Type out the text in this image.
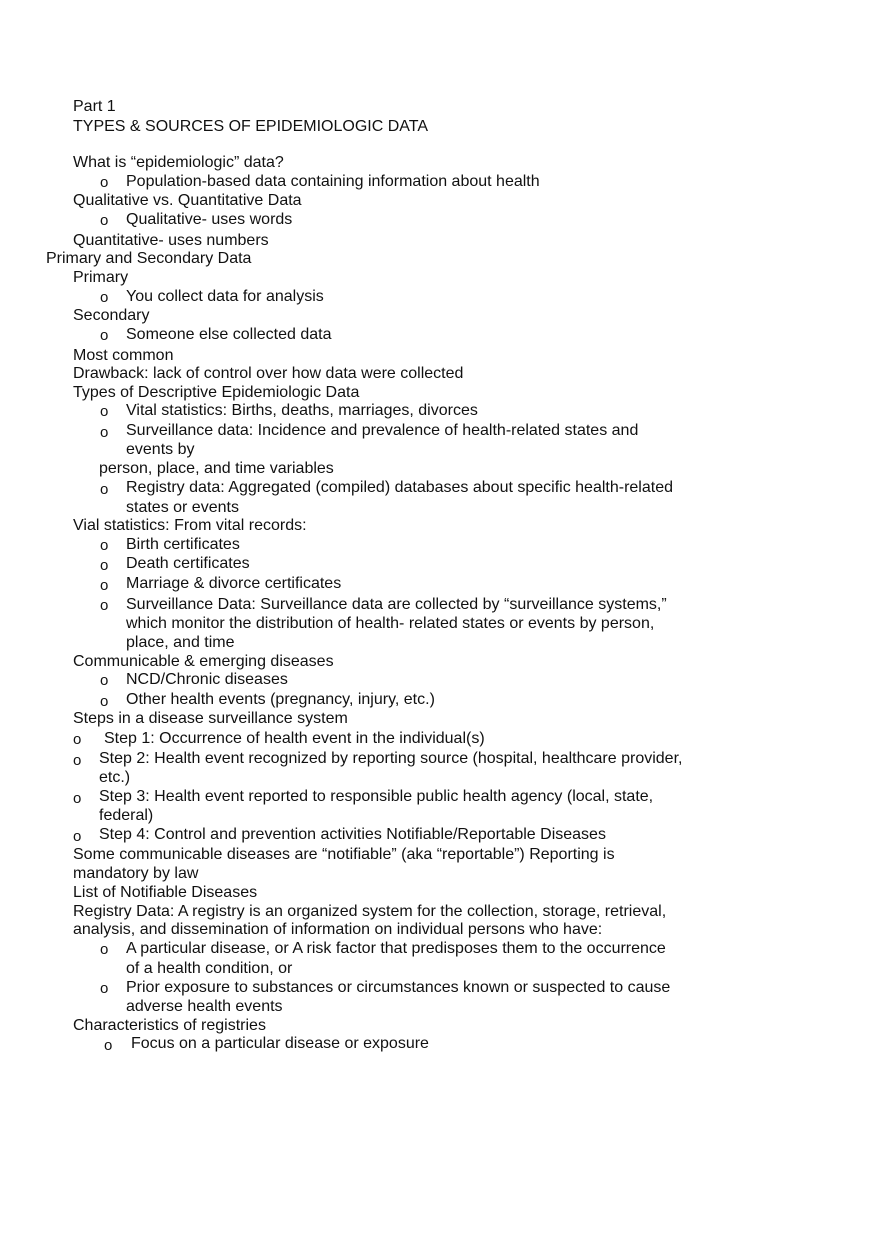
Part 1

TYPES & SOURCES OF EPIDEMIOLOGIC DATA

What is “epidemiologic” data?

o Population-based data containing information about health

Qualitative vs. Quantitative Data

o Qualitative- uses words

Quantitative- uses numbers

Primary and Secondary Data

Primary

o You collect data for analysis

Secondary

o Someone else collected data

Most common

Drawback: lack of control over how data were collected

Types of Descriptive Epidemiologic Data

o Vital statistics: Births, deaths, marriages, divorces

o Surveillance data: Incidence and prevalence of health-related states and

events by

person, place, and time variables

o Registry data: Aggregated (compiled) databases about specific health-related

states or events

Vial statistics: From vital records:

o Birth certificates

o Death certificates

o Marriage & divorce certificates

o Surveillance Data: Surveillance data are collected by “surveillance systems,”

which monitor the distribution of health- related states or events by person,

place, and time

Communicable & emerging diseases

o NCD/Chronic diseases

o Other health events (pregnancy, injury, etc.)

Steps in a disease surveillance system

o Step 1: Occurrence of health event in the individual(s)

o Step 2: Health event recognized by reporting source (hospital, healthcare provider,

etc.)

o Step 3: Health event reported to responsible public health agency (local, state,

federal)

o Step 4: Control and prevention activities Notifiable/Reportable Diseases

Some communicable diseases are “notifiable” (aka “reportable”) Reporting is

mandatory by law

List of Notifiable Diseases

Registry Data: A registry is an organized system for the collection, storage, retrieval,

analysis, and dissemination of information on individual persons who have:

o A particular disease, or A risk factor that predisposes them to the occurrence

of a health condition, or

o Prior exposure to substances or circumstances known or suspected to cause

adverse health events

Characteristics of registries

o Focus on a particular disease or exposure
